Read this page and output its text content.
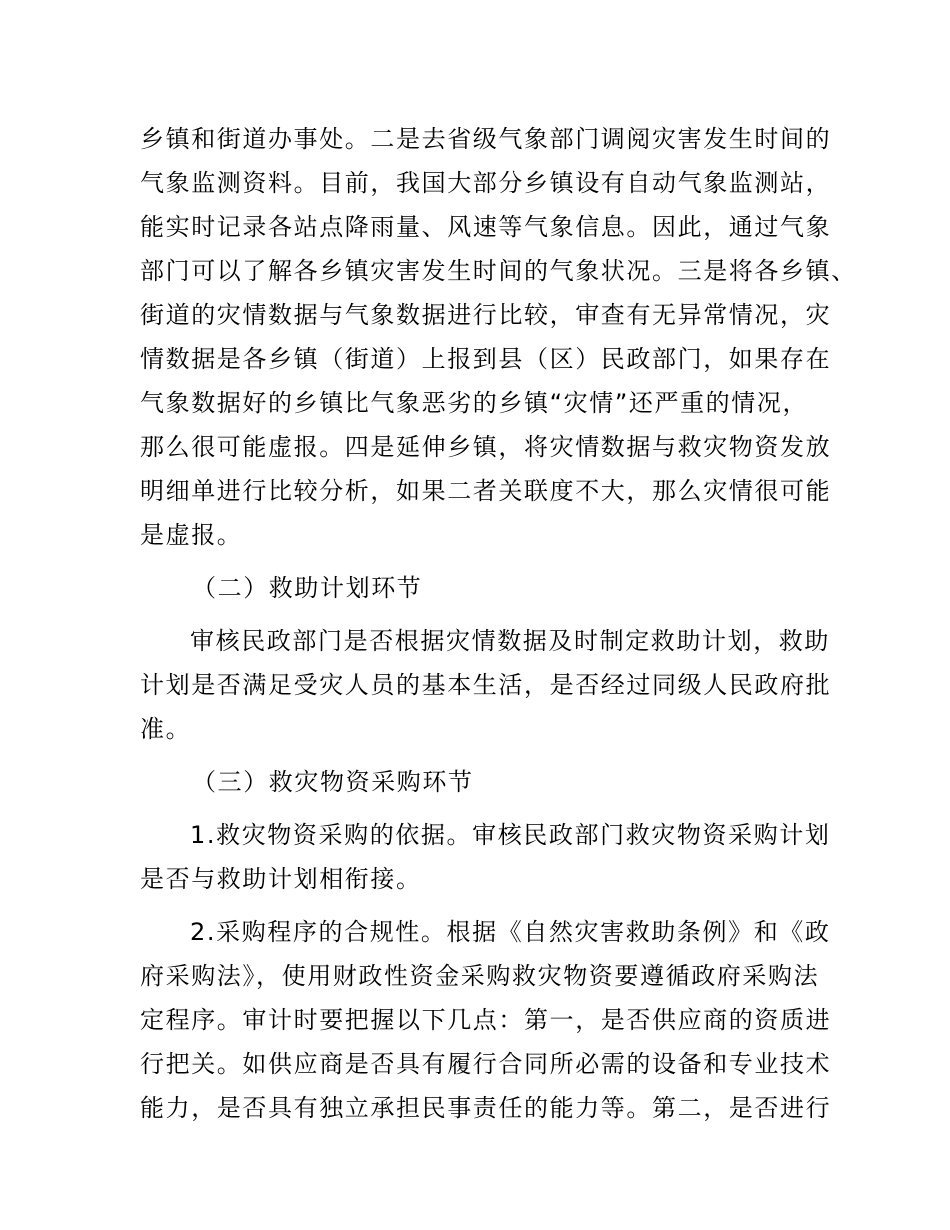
乡镇和街道办事处。二是去省级气象部门调阅灾害发生时间的
气象监测资料。目前，我国大部分乡镇设有自动气象监测站，
能实时记录各站点降雨量、风速等气象信息。因此，通过气象
部门可以了解各乡镇灾害发生时间的气象状况。三是将各乡镇、
街道的灾情数据与气象数据进行比较，审查有无异常情况，灾
情数据是各乡镇（街道）上报到县（区）民政部门，如果存在
气象数据好的乡镇比气象恶劣的乡镇“灾情”还严重的情况，
那么很可能虚报。四是延伸乡镇，将灾情数据与救灾物资发放
明细单进行比较分析，如果二者关联度不大，那么灾情很可能
是虚报。
（二）救助计划环节
审核民政部门是否根据灾情数据及时制定救助计划，救助
计划是否满足受灾人员的基本生活，是否经过同级人民政府批
准。
（三）救灾物资采购环节
1.救灾物资采购的依据。审核民政部门救灾物资采购计划
是否与救助计划相衔接。
2.采购程序的合规性。根据《自然灾害救助条例》和《政
府采购法》，使用财政性资金采购救灾物资要遵循政府采购法
定程序。审计时要把握以下几点：第一，是否供应商的资质进
行把关。如供应商是否具有履行合同所必需的设备和专业技术
能力，是否具有独立承担民事责任的能力等。第二，是否进行
